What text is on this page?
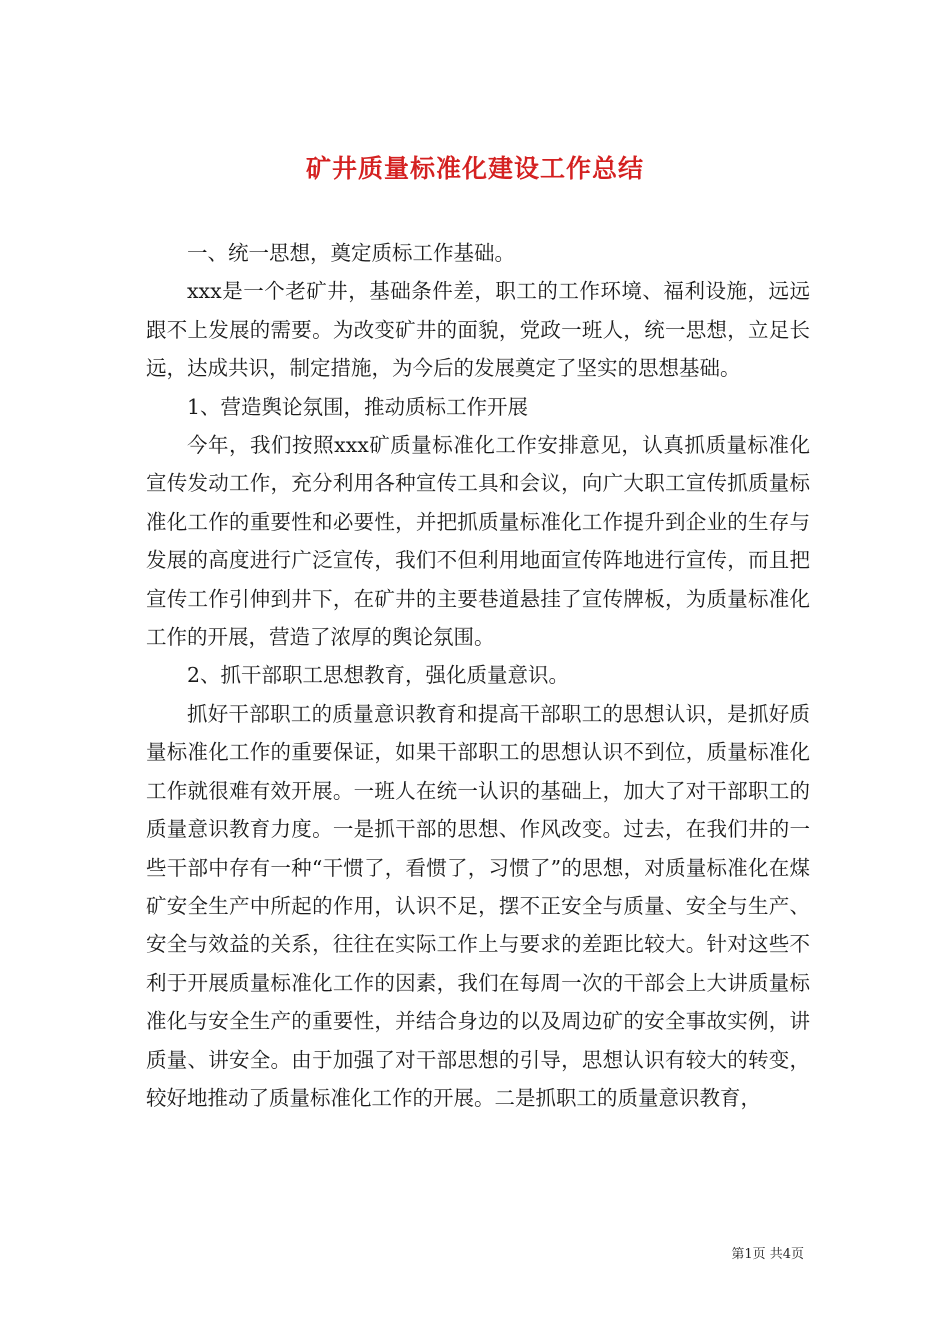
矿井质量标准化建设工作总结

一、统一思想，奠定质标工作基础。

xxx是一个老矿井，基础条件差，职工的工作环境、福利设施，远远跟不上发展的需要。为改变矿井的面貌，党政一班人，统一思想，立足长远，达成共识，制定措施，为今后的发展奠定了坚实的思想基础。

1、营造舆论氛围，推动质标工作开展

今年，我们按照xxx矿质量标准化工作安排意见，认真抓质量标准化宣传发动工作，充分利用各种宣传工具和会议，向广大职工宣传抓质量标准化工作的重要性和必要性，并把抓质量标准化工作提升到企业的生存与发展的高度进行广泛宣传，我们不但利用地面宣传阵地进行宣传，而且把宣传工作引伸到井下，在矿井的主要巷道悬挂了宣传牌板，为质量标准化工作的开展，营造了浓厚的舆论氛围。

2、抓干部职工思想教育，强化质量意识。

抓好干部职工的质量意识教育和提高干部职工的思想认识，是抓好质量标准化工作的重要保证，如果干部职工的思想认识不到位，质量标准化工作就很难有效开展。一班人在统一认识的基础上，加大了对干部职工的质量意识教育力度。一是抓干部的思想、作风改变。过去，在我们井的一些干部中存有一种“干惯了，看惯了，习惯了”的思想，对质量标准化在煤矿安全生产中所起的作用，认识不足，摆不正安全与质量、安全与生产、安全与效益的关系，往往在实际工作上与要求的差距比较大。针对这些不利于开展质量标准化工作的因素，我们在每周一次的干部会上大讲质量标准化与安全生产的重要性，并结合身边的以及周边矿的安全事故实例，讲质量、讲安全。由于加强了对干部思想的引导，思想认识有较大的转变，较好地推动了质量标准化工作的开展。二是抓职工的质量意识教育，

第1页 共4页
